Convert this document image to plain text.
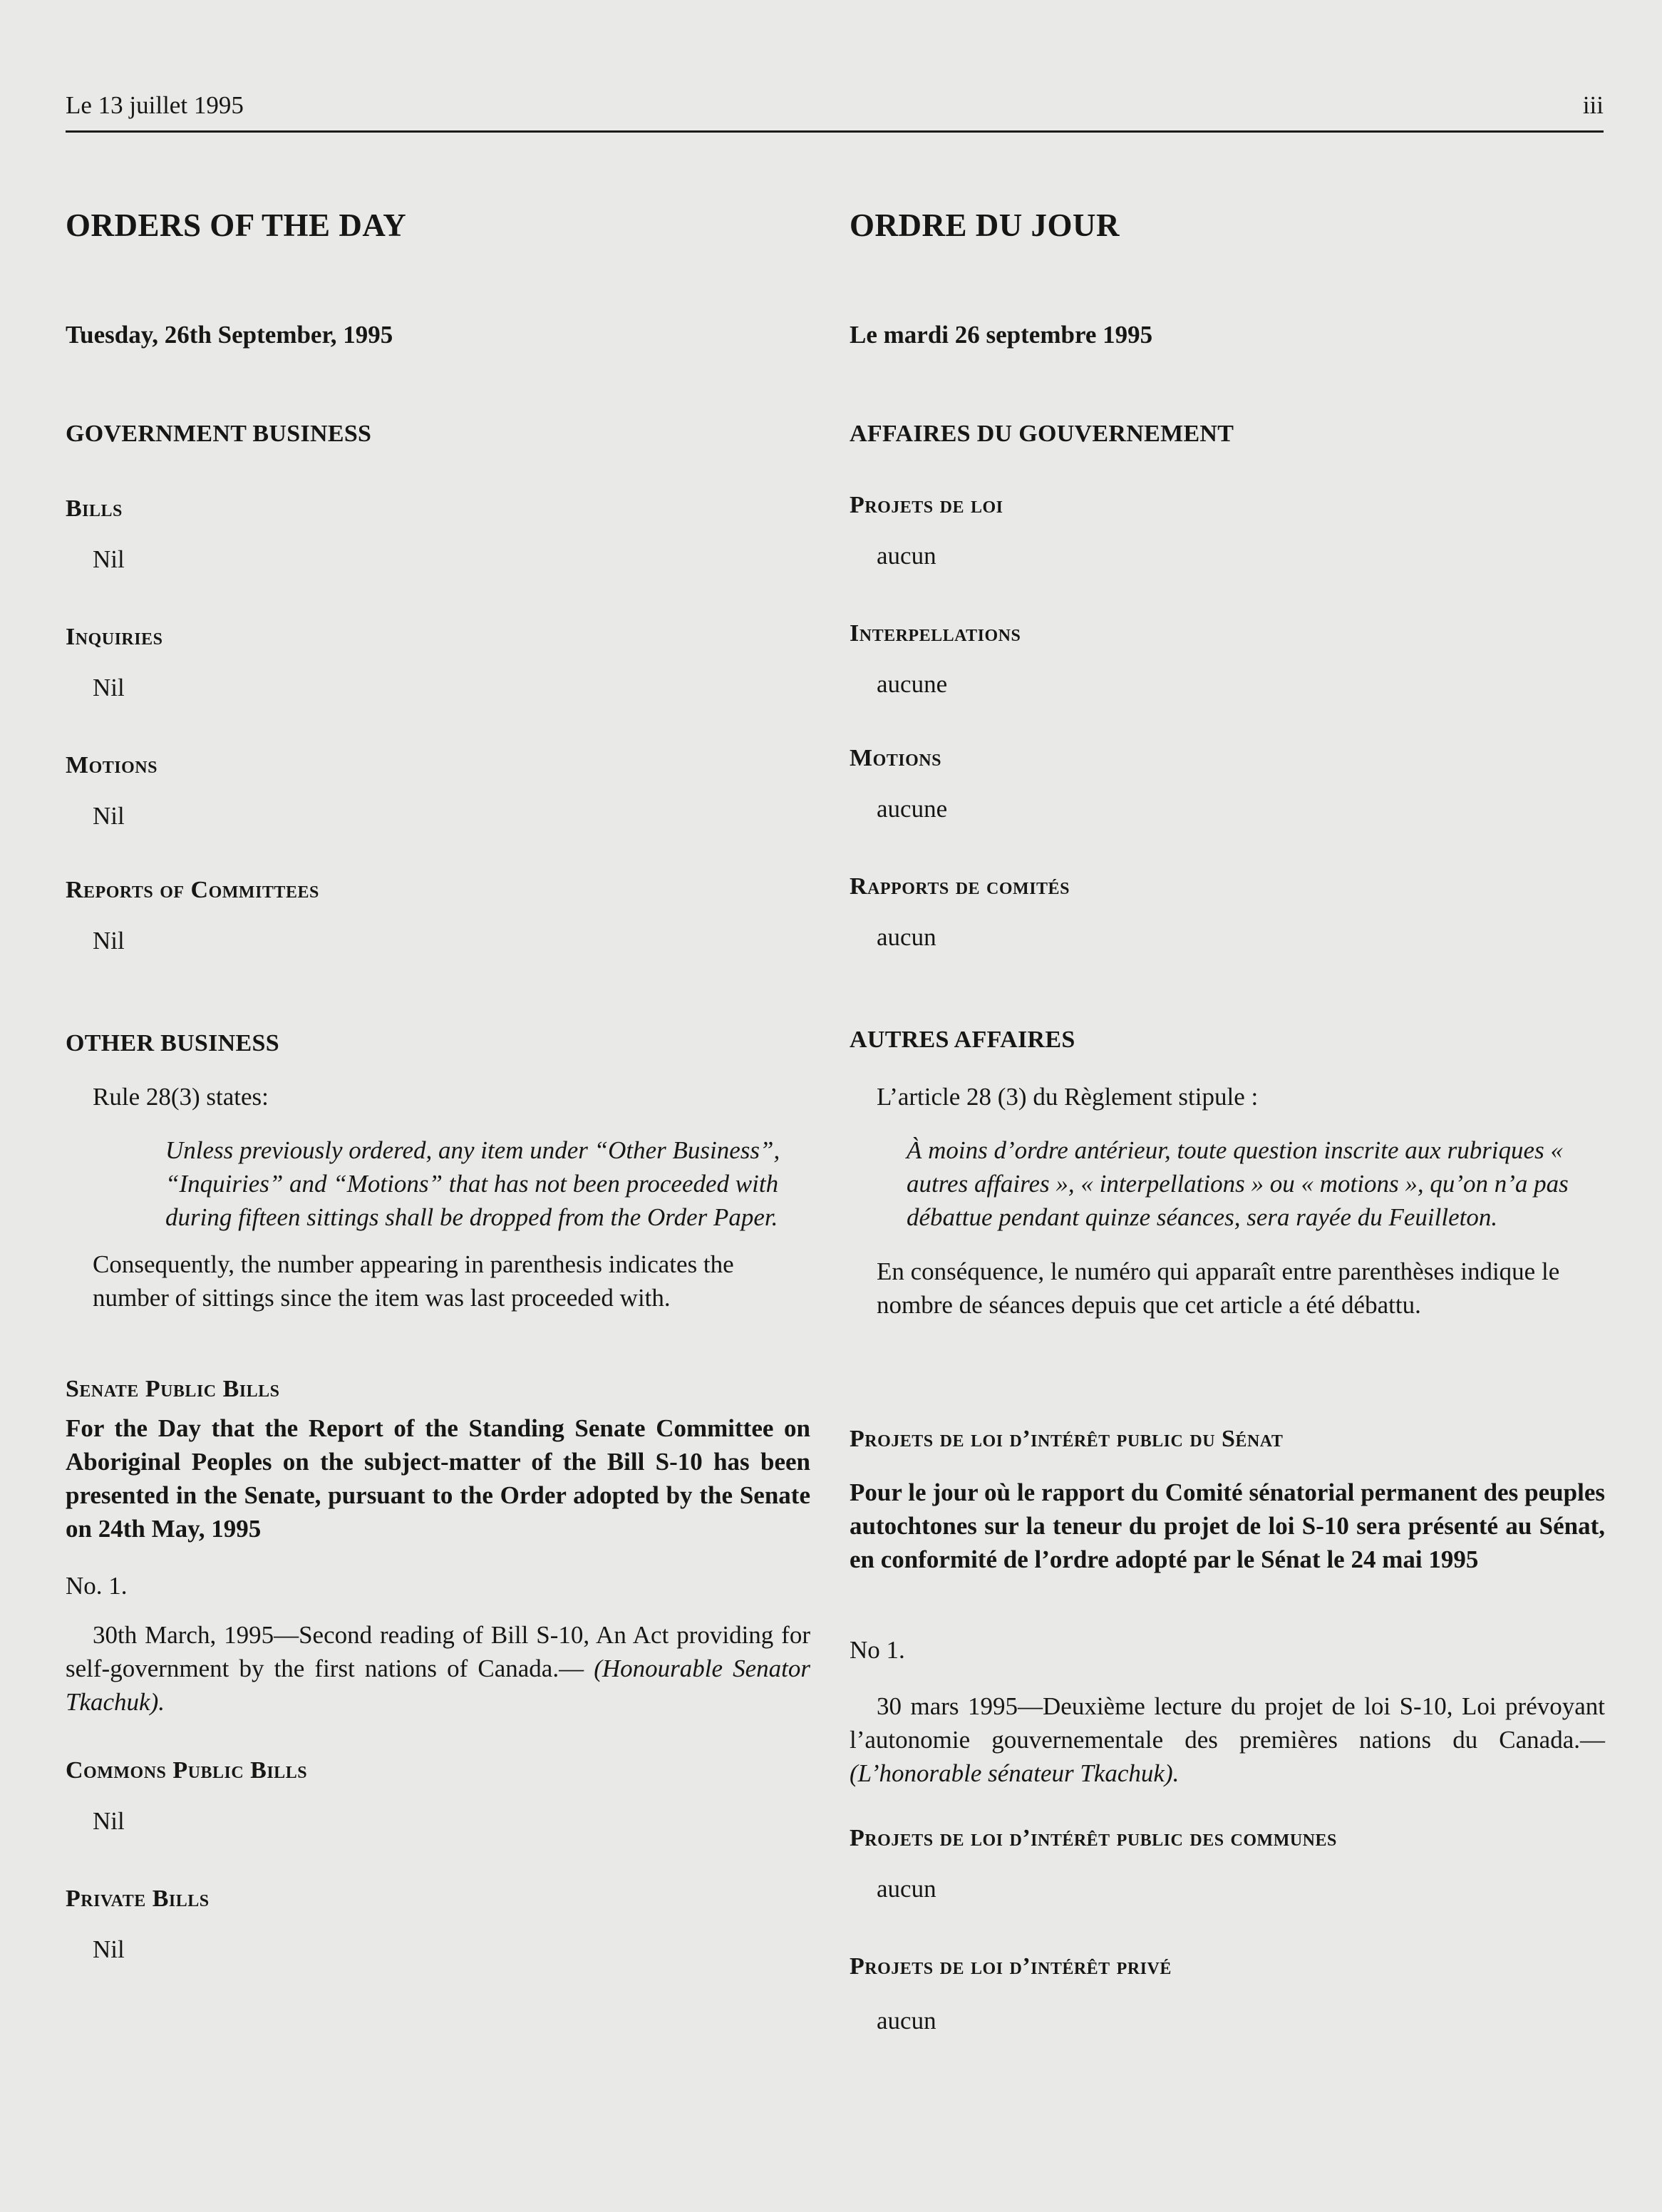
Le 13 juillet 1995	iii
ORDERS OF THE DAY
Tuesday, 26th September, 1995
GOVERNMENT BUSINESS
Bills
Nil
Inquiries
Nil
Motions
Nil
Reports of Committees
Nil
OTHER BUSINESS
Rule 28(3) states:
Unless previously ordered, any item under “Other Business”, “Inquiries” and “Motions” that has not been proceeded with during fifteen sittings shall be dropped from the Order Paper.
Consequently, the number appearing in parenthesis indicates the number of sittings since the item was last proceeded with.
Senate Public Bills
For the Day that the Report of the Standing Senate Committee on Aboriginal Peoples on the subject-matter of the Bill S-10 has been presented in the Senate, pursuant to the Order adopted by the Senate on 24th May, 1995
No. 1.
30th March, 1995—Second reading of Bill S-10, An Act providing for self-government by the first nations of Canada.— (Honourable Senator Tkachuk).
Commons Public Bills
Nil
Private Bills
Nil
ORDRE DU JOUR
Le mardi 26 septembre 1995
AFFAIRES DU GOUVERNEMENT
Projets de loi
aucun
Interpellations
aucune
Motions
aucune
Rapports de comités
aucun
AUTRES AFFAIRES
L’article 28 (3) du Règlement stipule :
À moins d’ordre antérieur, toute question inscrite aux rubriques « autres affaires », « interpellations » ou « motions », qu’on n’a pas débattue pendant quinze séances, sera rayée du Feuilleton.
En conséquence, le numéro qui apparaît entre parenthèses indique le nombre de séances depuis que cet article a été débattu.
Projets de loi d’intérêt public du Sénat
Pour le jour où le rapport du Comité sénatorial permanent des peuples autochtones sur la teneur du projet de loi S-10 sera présenté au Sénat, en conformité de l’ordre adopté par le Sénat le 24 mai 1995
No 1.
30 mars 1995—Deuxième lecture du projet de loi S-10, Loi prévoyant l’autonomie gouvernementale des premières nations du Canada.— (L’honorable sénateur Tkachuk).
Projets de loi d’intérêt public des communes
aucun
Projets de loi d’intérêt privé
aucun
